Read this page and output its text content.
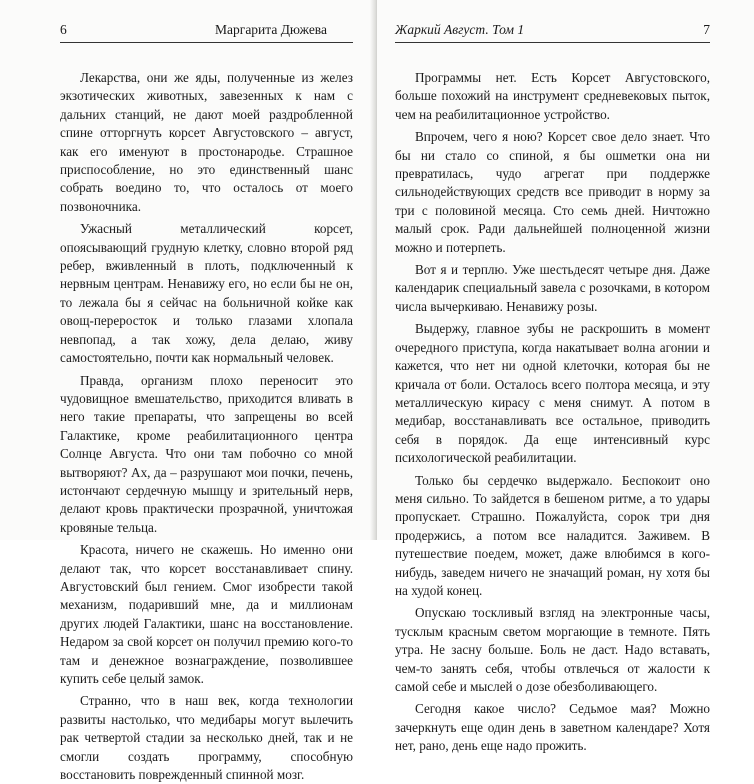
6	Маргарита Дюжева

Лекарства, они же яды, полученные из желез экзотических животных, завезенных к нам с дальних станций, не дают моей раздробленной спине отторгнуть корсет Августовского – август, как его именуют в простонародье. Страшное приспособление, но это единственный шанс собрать воедино то, что осталось от моего позвоночника.

Ужасный металлический корсет, опоясывающий грудную клетку, словно второй ряд ребер, вживленный в плоть, подключенный к нервным центрам. Ненавижу его, но если бы не он, то лежала бы я сейчас на больничной койке как овощ-переросток и только глазами хлопала невпопад, а так хожу, дела делаю, живу самостоятельно, почти как нормальный человек.

Правда, организм плохо переносит это чудовищное вмешательство, приходится вливать в него такие препараты, что запрещены во всей Галактике, кроме реабилитационного центра Солнце Августа. Что они там побочно со мной вытворяют? Ах, да – разрушают мои почки, печень, истончают сердечную мышцу и зрительный нерв, делают кровь практически прозрачной, уничтожая кровяные тельца.

Красота, ничего не скажешь. Но именно они делают так, что корсет восстанавливает спину. Августовский был гением. Смог изобрести такой механизм, подаривший мне, да и миллионам других людей Галактики, шанс на восстановление. Недаром за свой корсет он получил премию кого-то там и денежное вознаграждение, позволившее купить себе целый замок.

Странно, что в наш век, когда технологии развиты настолько, что медибары могут вылечить рак четвертой стадии за несколько дней, так и не смогли создать программу, способную восстановить поврежденный спинной мозг.

Жаркий Август. Том 1	7

Программы нет. Есть Корсет Августовского, больше похожий на инструмент средневековых пыток, чем на реабилитационное устройство.

Впрочем, чего я ною? Корсет свое дело знает. Что бы ни стало со спиной, я бы ошметки она ни превратилась, чудо агрегат при поддержке сильнодействующих средств все приводит в норму за три с половиной месяца. Сто семь дней. Ничтожно малый срок. Ради дальнейшей полноценной жизни можно и потерпеть.

Вот я и терплю. Уже шестьдесят четыре дня. Даже календарик специальный завела с розочками, в котором числа вычеркиваю. Ненавижу розы.

Выдержу, главное зубы не раскрошить в момент очередного приступа, когда накатывает волна агонии и кажется, что нет ни одной клеточки, которая бы не кричала от боли. Осталось всего полтора месяца, и эту металлическую кирасу с меня снимут. А потом в медибар, восстанавливать все остальное, приводить себя в порядок. Да еще интенсивный курс психологической реабилитации.

Только бы сердечко выдержало. Беспокоит оно меня сильно. То зайдется в бешеном ритме, а то удары пропускает. Страшно. Пожалуйста, сорок три дня продержись, а потом все наладится. Заживем. В путешествие поедем, может, даже влюбимся в кого-нибудь, заведем ничего не значащий роман, ну хотя бы на худой конец.

Опускаю тоскливый взгляд на электронные часы, тусклым красным светом моргающие в темноте. Пять утра. Не засну больше. Боль не даст. Надо вставать, чем-то занять себя, чтобы отвлечься от жалости к самой себе и мыслей о дозе обезболивающего.

Сегодня какое число? Седьмое мая? Можно зачеркнуть еще один день в заветном календаре? Хотя нет, рано, день еще надо прожить.
